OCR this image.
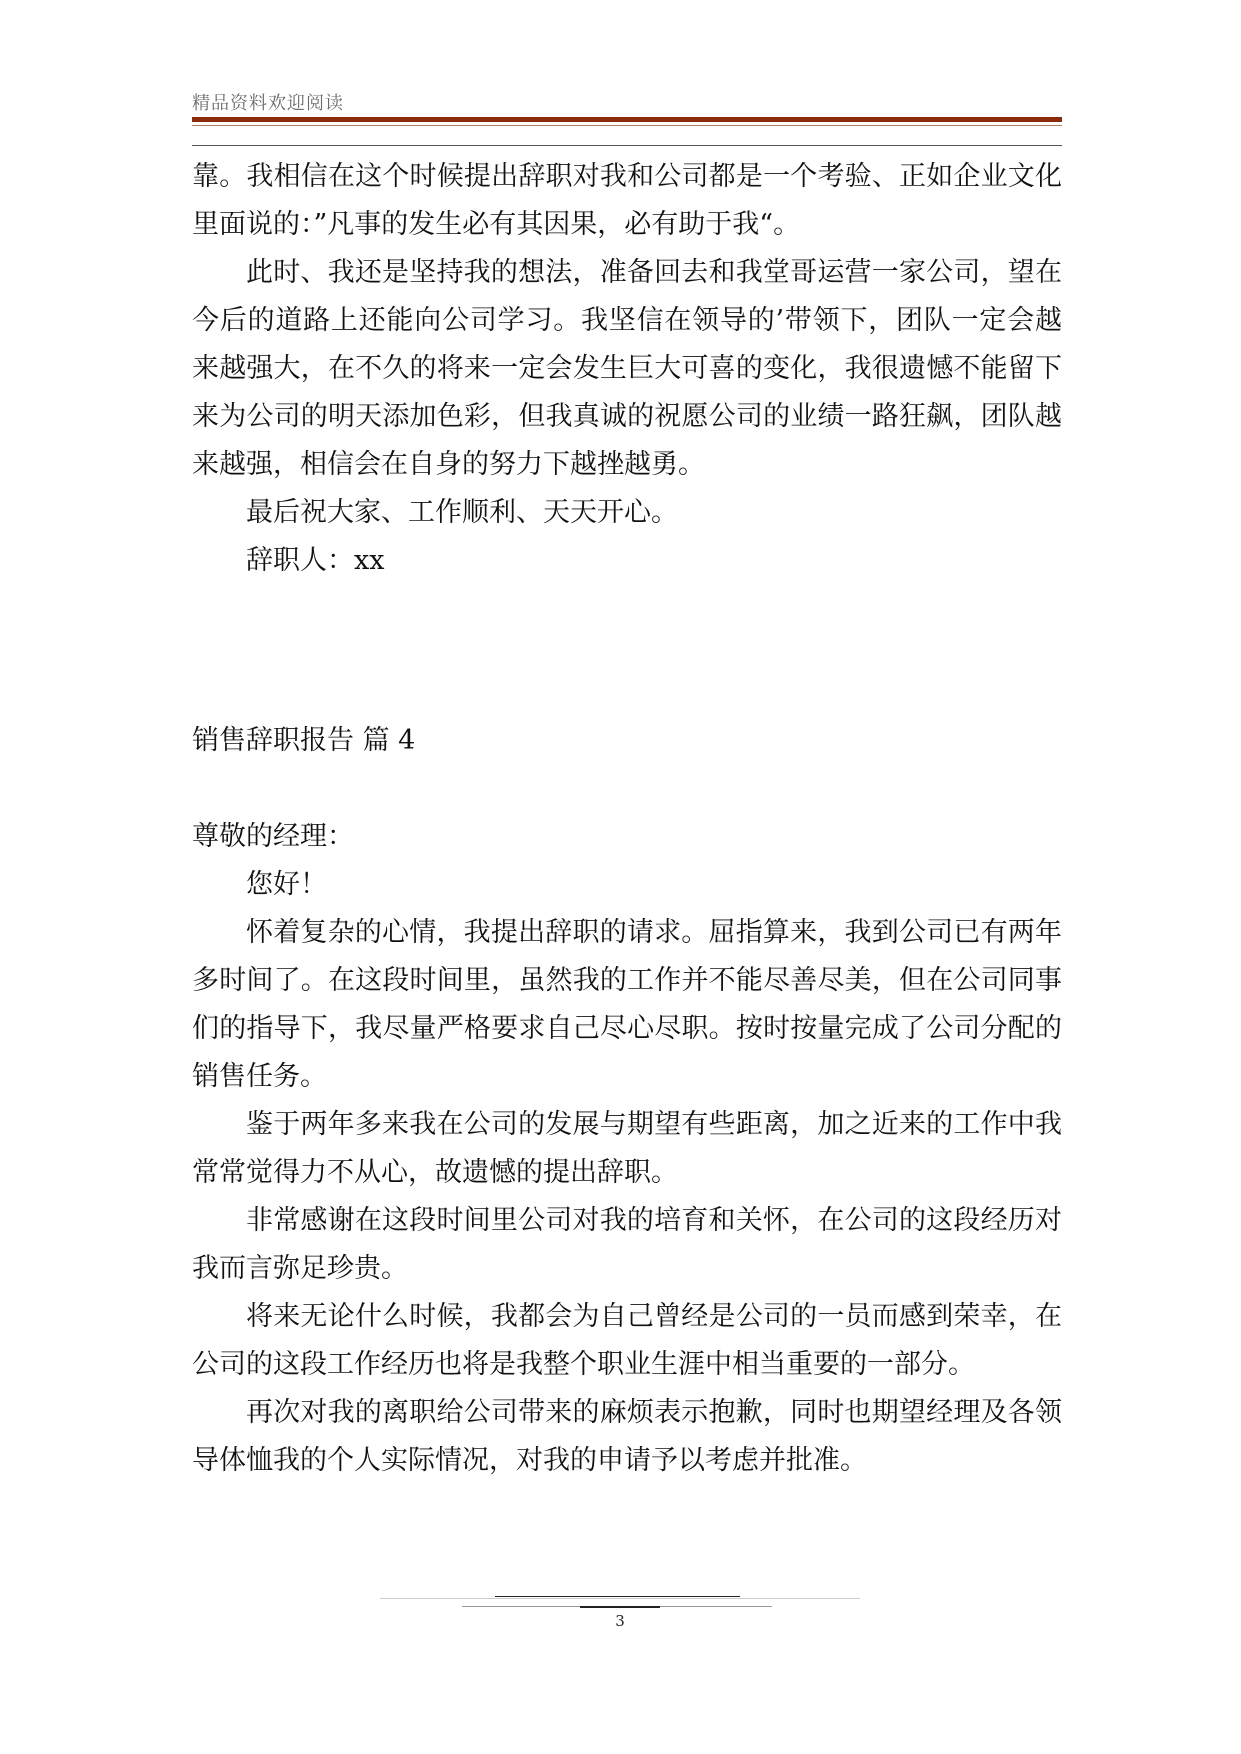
精品资料欢迎阅读

靠。我相信在这个时候提出辞职对我和公司都是一个考验、正如企业文化里面说的：”凡事的发生必有其因果，必有助于我“。

此时、我还是坚持我的想法，准备回去和我堂哥运营一家公司，望在今后的道路上还能向公司学习。我坚信在领导的’带领下，团队一定会越来越强大，在不久的将来一定会发生巨大可喜的变化，我很遗憾不能留下来为公司的明天添加色彩，但我真诚的祝愿公司的业绩一路狂飙，团队越来越强，相信会在自身的努力下越挫越勇。

最后祝大家、工作顺利、天天开心。

辞职人：xx

销售辞职报告 篇 4

尊敬的经理：

您好！

怀着复杂的心情，我提出辞职的请求。屈指算来，我到公司已有两年多时间了。在这段时间里，虽然我的工作并不能尽善尽美，但在公司同事们的指导下，我尽量严格要求自己尽心尽职。按时按量完成了公司分配的销售任务。

鉴于两年多来我在公司的发展与期望有些距离，加之近来的工作中我常常觉得力不从心，故遗憾的提出辞职。

非常感谢在这段时间里公司对我的培育和关怀，在公司的这段经历对我而言弥足珍贵。

将来无论什么时候，我都会为自己曾经是公司的一员而感到荣幸，在公司的这段工作经历也将是我整个职业生涯中相当重要的一部分。

再次对我的离职给公司带来的麻烦表示抱歉，同时也期望经理及各领导体恤我的个人实际情况，对我的申请予以考虑并批准。

3
